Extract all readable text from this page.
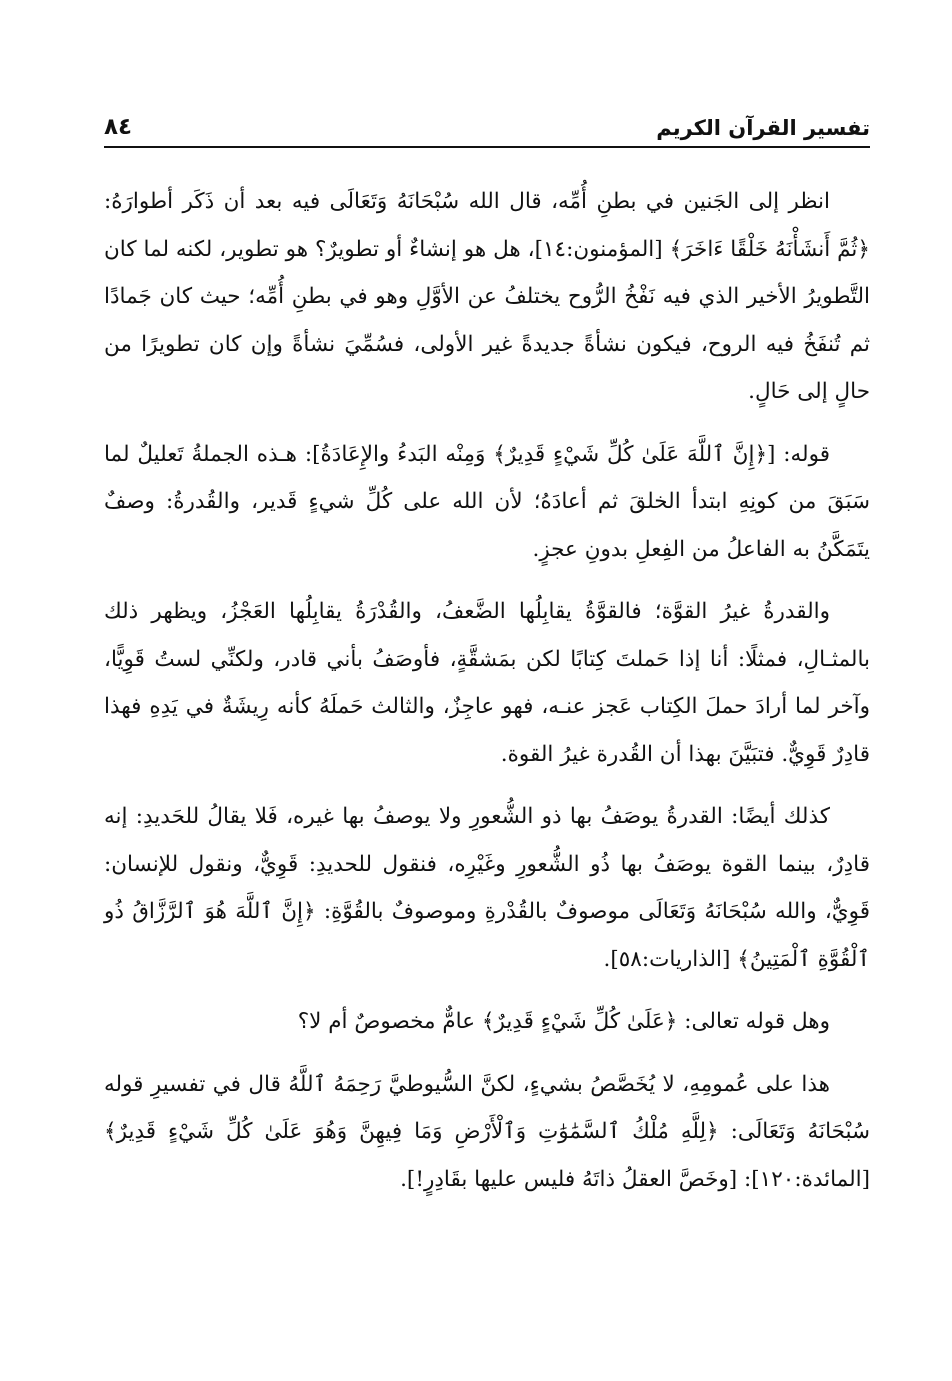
تفسير القرآن الكريم
٨٤

انظر إلى الجَنين في بطنِ أُمِّه، قال الله سُبْحَانَهُ وَتَعَالَى فيه بعد أن ذَكَر أطوارَهُ: ﴿ثُمَّ أَنشَأْنَهُ خَلْقًا ءَاخَرَ﴾ [المؤمنون:١٤]، هل هو إنشاءٌ أو تطويرٌ؟ هو تطوير، لكنه لما كان التَّطويرُ الأخير الذي فيه نَفْخُ الرُّوح يختلفُ عن الأوَّلِ وهو في بطنِ أُمِّه؛ حيث كان جَمادًا ثم تُنفَخُ فيه الروح، فيكون نشأةً جديدةً غير الأولى، فسُمِّيَ نشأةً وإن كان تطويرًا من حالٍ إلى حَالٍ.

قوله: [﴿إِنَّ ٱللَّهَ عَلَىٰ كُلِّ شَيْءٍ قَدِيرٌ﴾ وَمِنْه البَدءُ والإِعَادَةُ]: هـذه الجملةُ تَعليلٌ لما سَبَقَ من كونِهِ ابتدأ الخلقَ ثم أعادَهُ؛ لأن الله على كُلِّ شيءٍ قَدير، والقُدرةُ: وصفٌ يتَمَكَّنُ به الفاعلُ من الفِعلِ بدونِ عجزٍ.

والقدرةُ غيرُ القوَّة؛ فالقوَّةُ يقابِلُها الضَّعفُ، والقُدْرَةُ يقابِلُها العَجْزُ، ويظهر ذلك بالمثـالِ، فمثلًا: أنا إذا حَملتَ كِتابًا لكن بمَشقَّةٍ، فأوصَفُ بأني قادر، ولكنِّي لستُ قَوِيًّا، وآخر لما أرادَ حملَ الكِتاب عَجز عنـه، فهو عاجِزٌ، والثالث حَملَهُ كأنه رِيشَةٌ في يَدِهِ فهذا قادِرٌ قَوِيٌّ. فتبَيَّنَ بهذا أن القُدرة غيرُ القوة.

كذلك أيضًا: القدرةُ يوصَفُ بها ذو الشُّعورِ ولا يوصفُ بها غيره، فَلا يقالُ للحَديدِ: إنه قادِرٌ، بينما القوة يوصَفُ بها ذُو الشُّعورِ وغَيْرِه، فنقول للحديدِ: قَوِيٌّ، ونقول للإنسان: قَوِيٌّ، والله سُبْحَانَهُ وَتَعَالَى موصوفٌ بالقُدْرةِ وموصوفٌ بالقُوَّةِ: ﴿إِنَّ ٱللَّهَ هُوَ ٱلرَّزَّاقُ ذُو ٱلْقُوَّةِ ٱلْمَتِينُ﴾ [الذاريات:٥٨].

وهل قوله تعالى: ﴿عَلَىٰ كُلِّ شَيْءٍ قَدِيرٌ﴾ عامٌّ مخصوصٌ أم لا؟

هذا على عُمومِهِ، لا يُخَصَّصُ بشيءٍ، لكنَّ السُّيوطيَّ رَحِمَهُ ٱللَّهُ قال في تفسيرِ قوله سُبْحَانَهُ وَتَعَالَى: ﴿لِلَّهِ مُلْكُ ٱلسَّمَٰوَٰتِ وَٱلْأَرْضِ وَمَا فِيهِنَّ وَهُوَ عَلَىٰ كُلِّ شَيْءٍ قَدِيرٌ﴾ [المائدة:١٢٠]: [وخَصَّ العقلُ ذاتَهُ فليس عليها بقَادِرٍ!].
